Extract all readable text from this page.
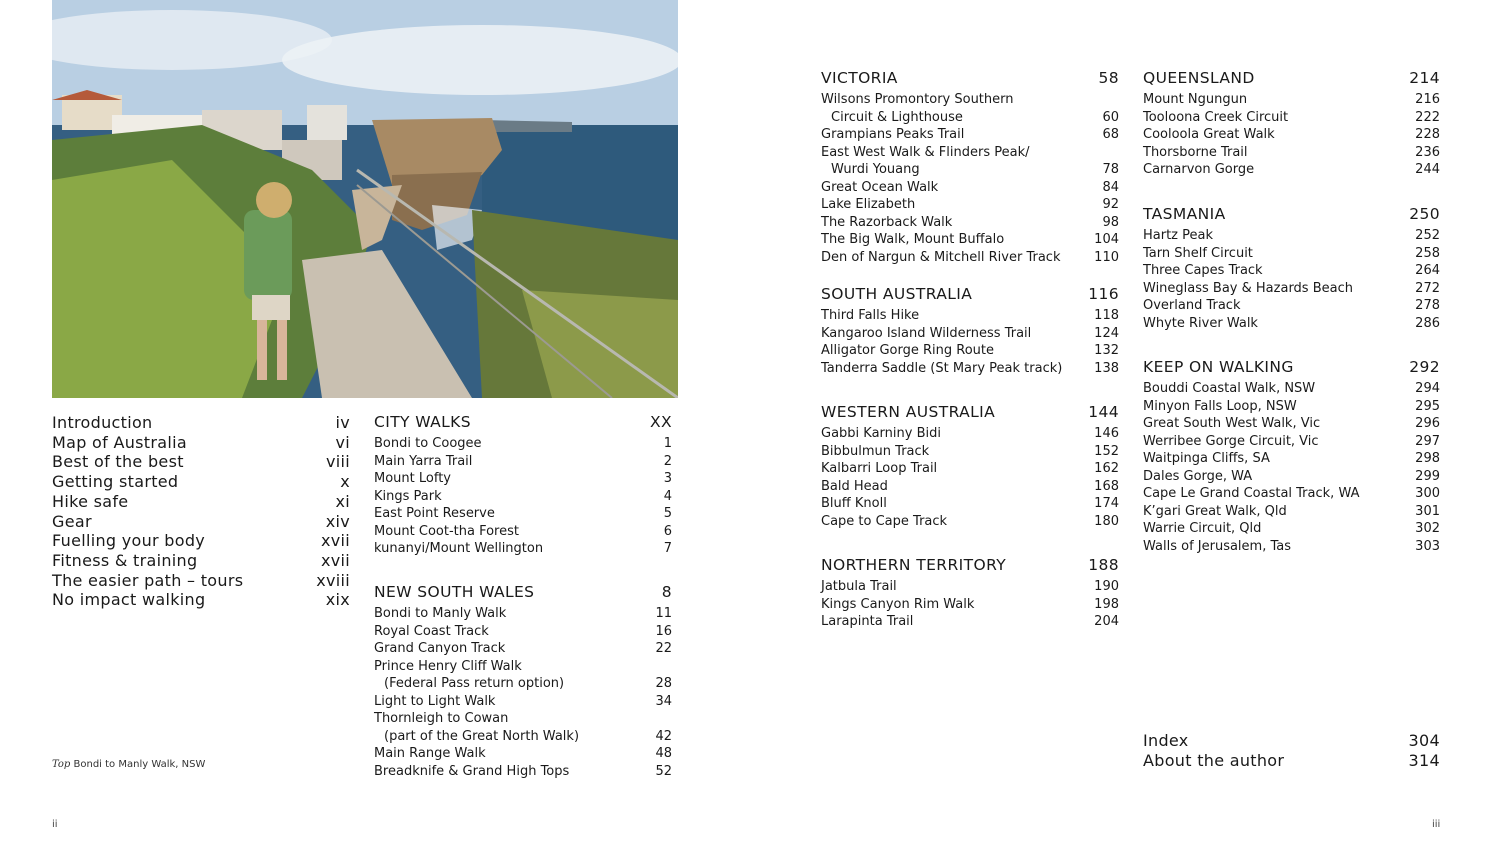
Introduction	iv
Map of Australia	vi
Best of the best	viii
Getting started	x
Hike safe	xi
Gear	xiv
Fuelling your body	xvii
Fitness & training	xvii
The easier path – tours	xviii
No impact walking	xix
Top Bondi to Manly Walk, NSW
CITY WALKS	XX
Bondi to Coogee	1
Main Yarra Trail	2
Mount Lofty	3
Kings Park	4
East Point Reserve	5
Mount Coot-tha Forest	6
kunanyi/Mount Wellington	7
NEW SOUTH WALES	8
Bondi to Manly Walk	11
Royal Coast Track	16
Grand Canyon Track	22
Prince Henry Cliff Walk
(Federal Pass return option)	28
Light to Light Walk	34
Thornleigh to Cowan
(part of the Great North Walk)	42
Main Range Walk	48
Breadknife & Grand High Tops	52
VICTORIA	58
Wilsons Promontory Southern
Circuit & Lighthouse	60
Grampians Peaks Trail	68
East West Walk & Flinders Peak/
Wurdi Youang	78
Great Ocean Walk	84
Lake Elizabeth	92
The Razorback Walk	98
The Big Walk, Mount Buffalo	104
Den of Nargun & Mitchell River Track	110
SOUTH AUSTRALIA	116
Third Falls Hike	118
Kangaroo Island Wilderness Trail	124
Alligator Gorge Ring Route	132
Tanderra Saddle (St Mary Peak track)	138
WESTERN AUSTRALIA	144
Gabbi Karniny Bidi	146
Bibbulmun Track	152
Kalbarri Loop Trail	162
Bald Head	168
Bluff Knoll	174
Cape to Cape Track	180
NORTHERN TERRITORY	188
Jatbula Trail	190
Kings Canyon Rim Walk	198
Larapinta Trail	204
QUEENSLAND	214
Mount Ngungun	216
Tooloona Creek Circuit	222
Cooloola Great Walk	228
Thorsborne Trail	236
Carnarvon Gorge	244
TASMANIA	250
Hartz Peak	252
Tarn Shelf Circuit	258
Three Capes Track	264
Wineglass Bay & Hazards Beach	272
Overland Track	278
Whyte River Walk	286
KEEP ON WALKING	292
Bouddi Coastal Walk, NSW	294
Minyon Falls Loop, NSW	295
Great South West Walk, Vic	296
Werribee Gorge Circuit, Vic	297
Waitpinga Cliffs, SA	298
Dales Gorge, WA	299
Cape Le Grand Coastal Track, WA	300
K’gari Great Walk, Qld	301
Warrie Circuit, Qld	302
Walls of Jerusalem, Tas	303
Index	304
About the author	314
ii	iii
